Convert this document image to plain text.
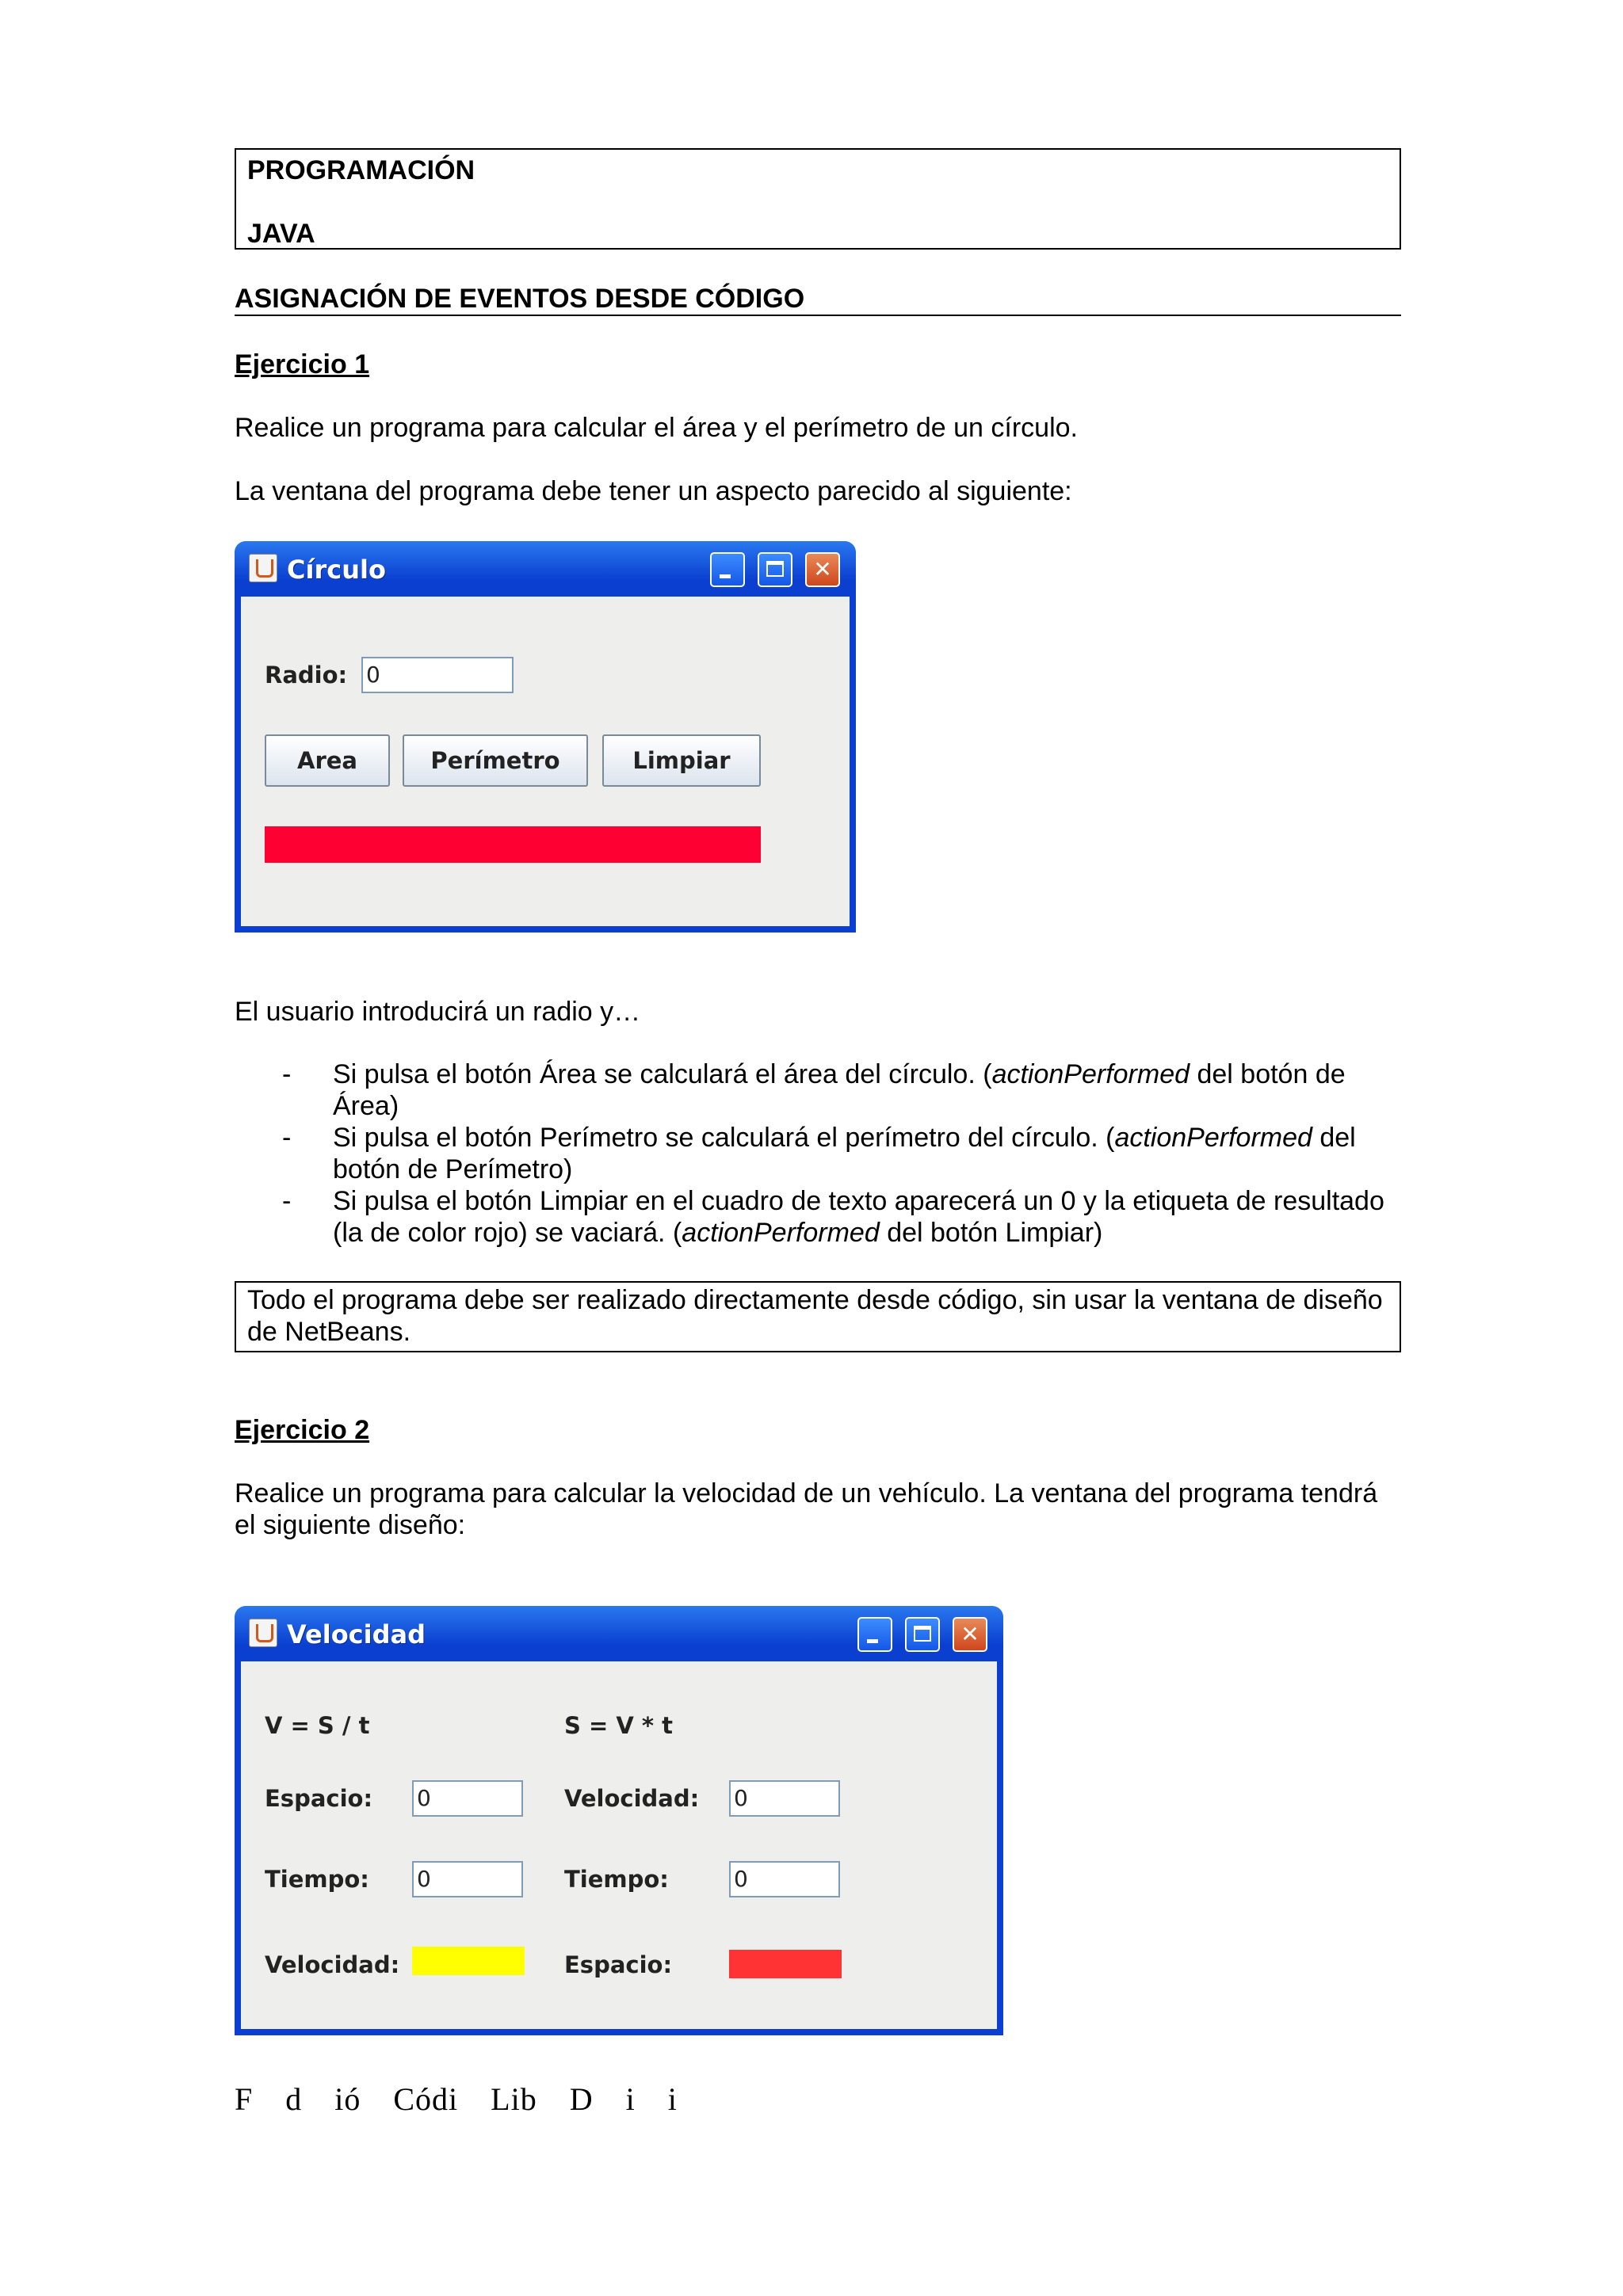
PROGRAMACIÓN
JAVA
ASIGNACIÓN DE EVENTOS DESDE CÓDIGO
Ejercicio 1
Realice un programa para calcular el área y el perímetro de un círculo.
La ventana del programa debe tener un aspecto parecido al siguiente:
Círculo	✕
Radio: 0
Area	Perímetro	Limpiar
El usuario introducirá un radio y…
- Si pulsa el botón Área se calculará el área del círculo. (actionPerformed del botón de Área)
- Si pulsa el botón Perímetro se calculará el perímetro del círculo. (actionPerformed del botón de Perímetro)
- Si pulsa el botón Limpiar en el cuadro de texto aparecerá un 0 y la etiqueta de resultado (la de color rojo) se vaciará. (actionPerformed del botón Limpiar)
Todo el programa debe ser realizado directamente desde código, sin usar la ventana de diseño de NetBeans.
Ejercicio 2
Realice un programa para calcular la velocidad de un vehículo. La ventana del programa tendrá el siguiente diseño:
Velocidad	✕
V = S / t	S = V * t
Espacio: 0	Velocidad: 0
Tiempo: 0	Tiempo:	0
Velocidad:	Espacio:
F d ió Códi Lib D i i
